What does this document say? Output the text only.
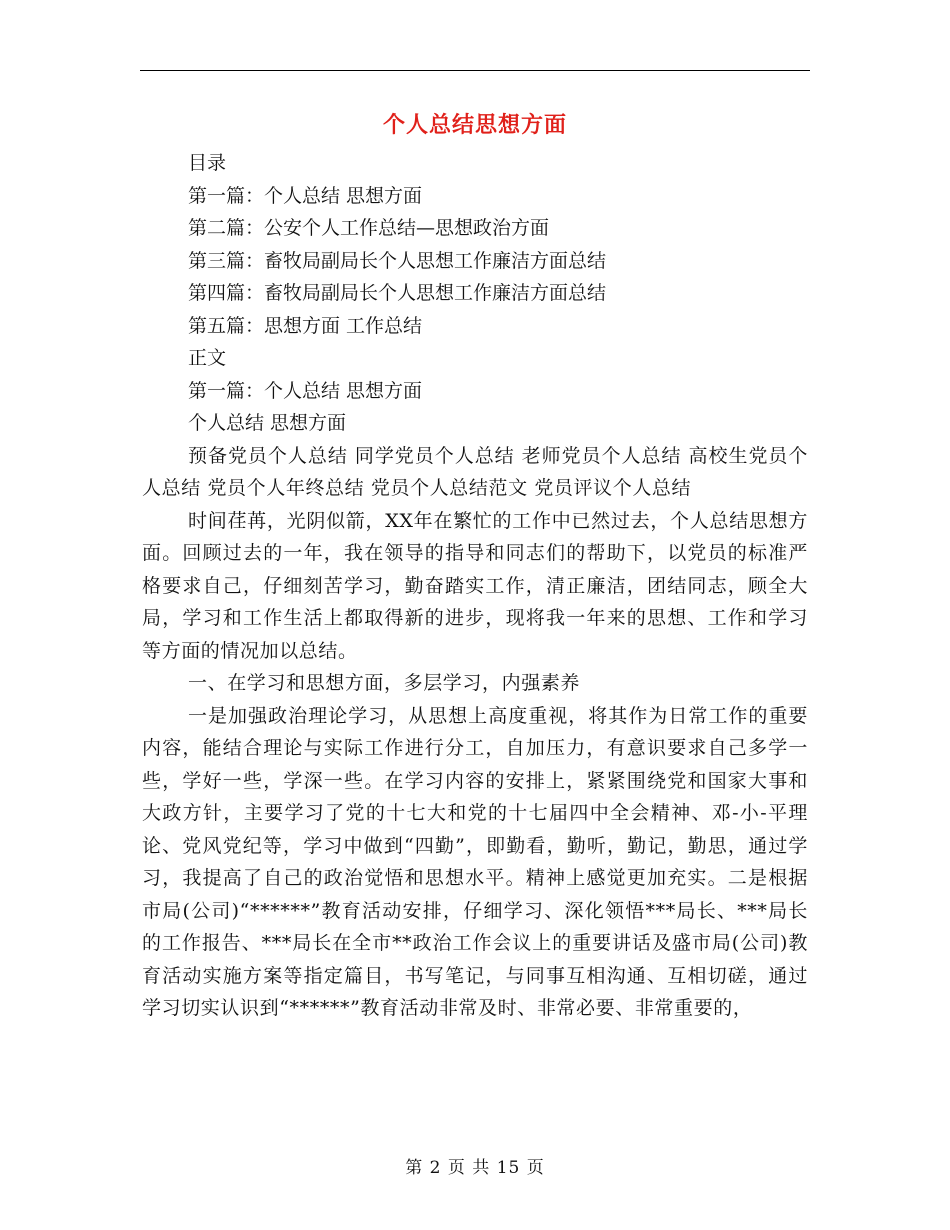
个人总结思想方面

目录

第一篇：个人总结 思想方面

第二篇：公安个人工作总结—思想政治方面

第三篇：畜牧局副局长个人思想工作廉洁方面总结

第四篇：畜牧局副局长个人思想工作廉洁方面总结

第五篇：思想方面 工作总结

正文

第一篇：个人总结 思想方面

个人总结 思想方面

预备党员个人总结 同学党员个人总结 老师党员个人总结 高校生党员个人总结 党员个人年终总结 党员个人总结范文 党员评议个人总结

时间荏苒，光阴似箭，XX年在繁忙的工作中已然过去，个人总结思想方面。回顾过去的一年，我在领导的指导和同志们的帮助下，以党员的标准严格要求自己，仔细刻苦学习，勤奋踏实工作，清正廉洁，团结同志，顾全大局，学习和工作生活上都取得新的进步，现将我一年来的思想、工作和学习等方面的情况加以总结。

一、在学习和思想方面，多层学习，内强素养

一是加强政治理论学习，从思想上高度重视，将其作为日常工作的重要内容，能结合理论与实际工作进行分工，自加压力，有意识要求自己多学一些，学好一些，学深一些。在学习内容的安排上，紧紧围绕党和国家大事和大政方针，主要学习了党的十七大和党的十七届四中全会精神、邓-小-平理论、党风党纪等，学习中做到“四勤”，即勤看，勤听，勤记，勤思，通过学习，我提高了自己的政治觉悟和思想水平。精神上感觉更加充实。二是根据市局(公司)“******”教育活动安排，仔细学习、深化领悟***局长、***局长的工作报告、***局长在全市**政治工作会议上的重要讲话及盛市局(公司)教育活动实施方案等指定篇目，书写笔记，与同事互相沟通、互相切磋，通过学习切实认识到“******”教育活动非常及时、非常必要、非常重要的，

第 2 页 共 15 页
